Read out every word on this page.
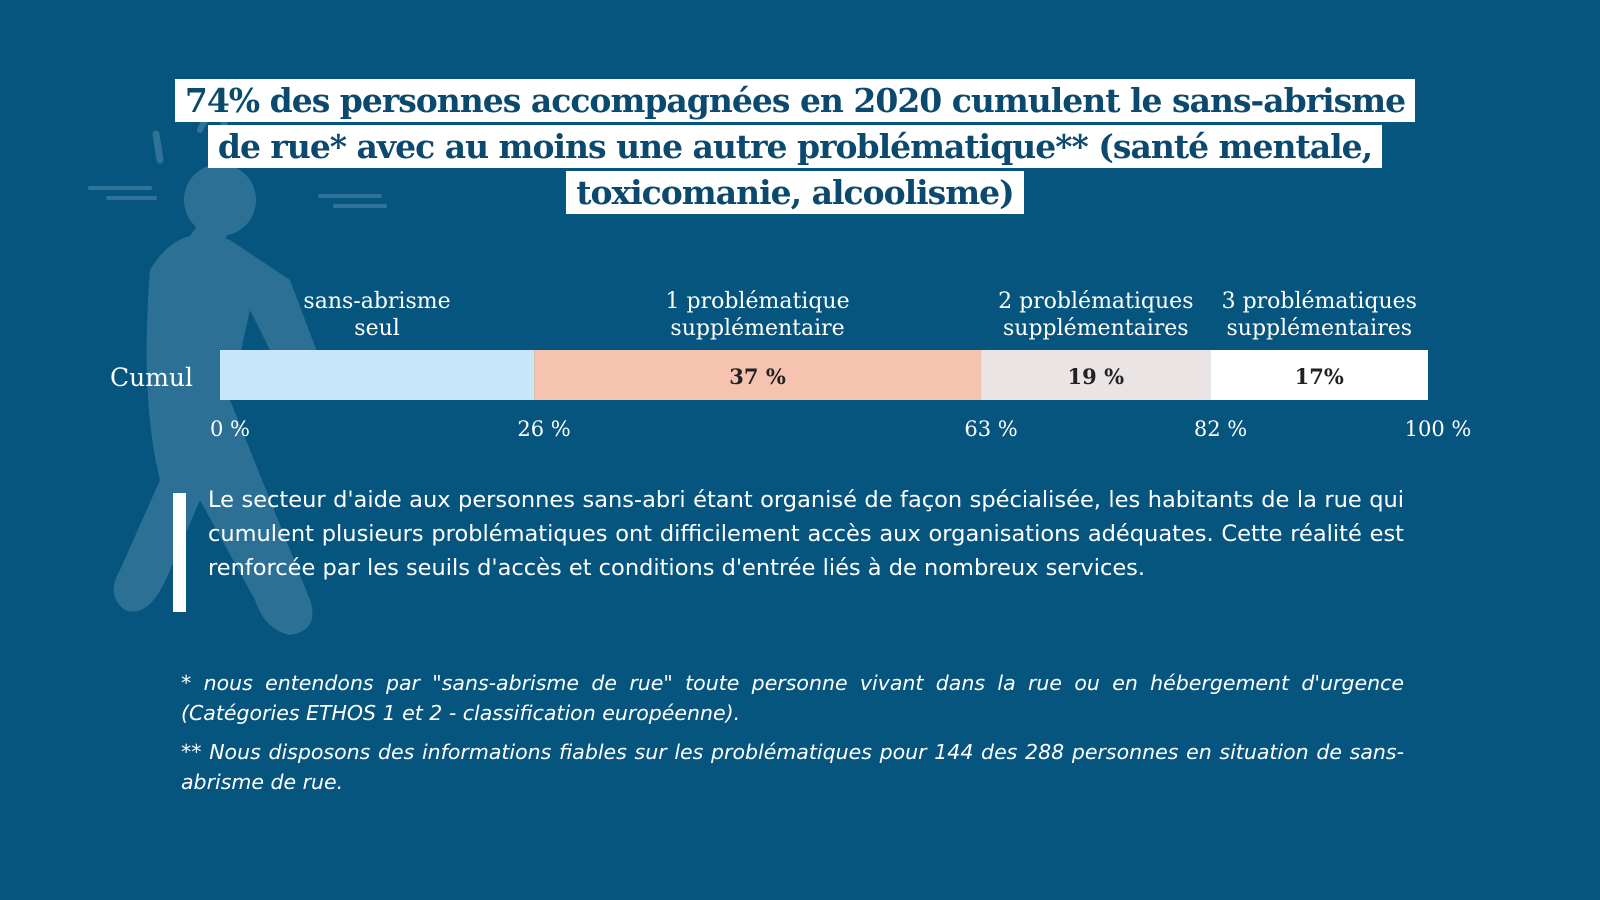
74% des personnes accompagnées en 2020 cumulent le sans-abrisme de rue* avec au moins une autre problématique** (santé mentale, toxicomanie, alcoolisme)
Cumul
sans-abrisme seul
1 problématique supplémentaire
37 %
2 problématiques supplémentaires
19 %
3 problématiques supplémentaires
17%
0 %	26 %	63 %	82 %	100 %

Le secteur d'aide aux personnes sans-abri étant organisé de façon spécialisée, les habitants de la rue qui cumulent plusieurs problématiques ont difficilement accès aux organisations adéquates. Cette réalité est renforcée par les seuils d'accès et conditions d'entrée liés à de nombreux services.

* nous entendons par "sans-abrisme de rue" toute personne vivant dans la rue ou en hébergement d'urgence (Catégories ETHOS 1 et 2 - classification européenne).

** Nous disposons des informations fiables sur les problématiques pour 144 des 288 personnes en situation de sans-abrisme de rue.
